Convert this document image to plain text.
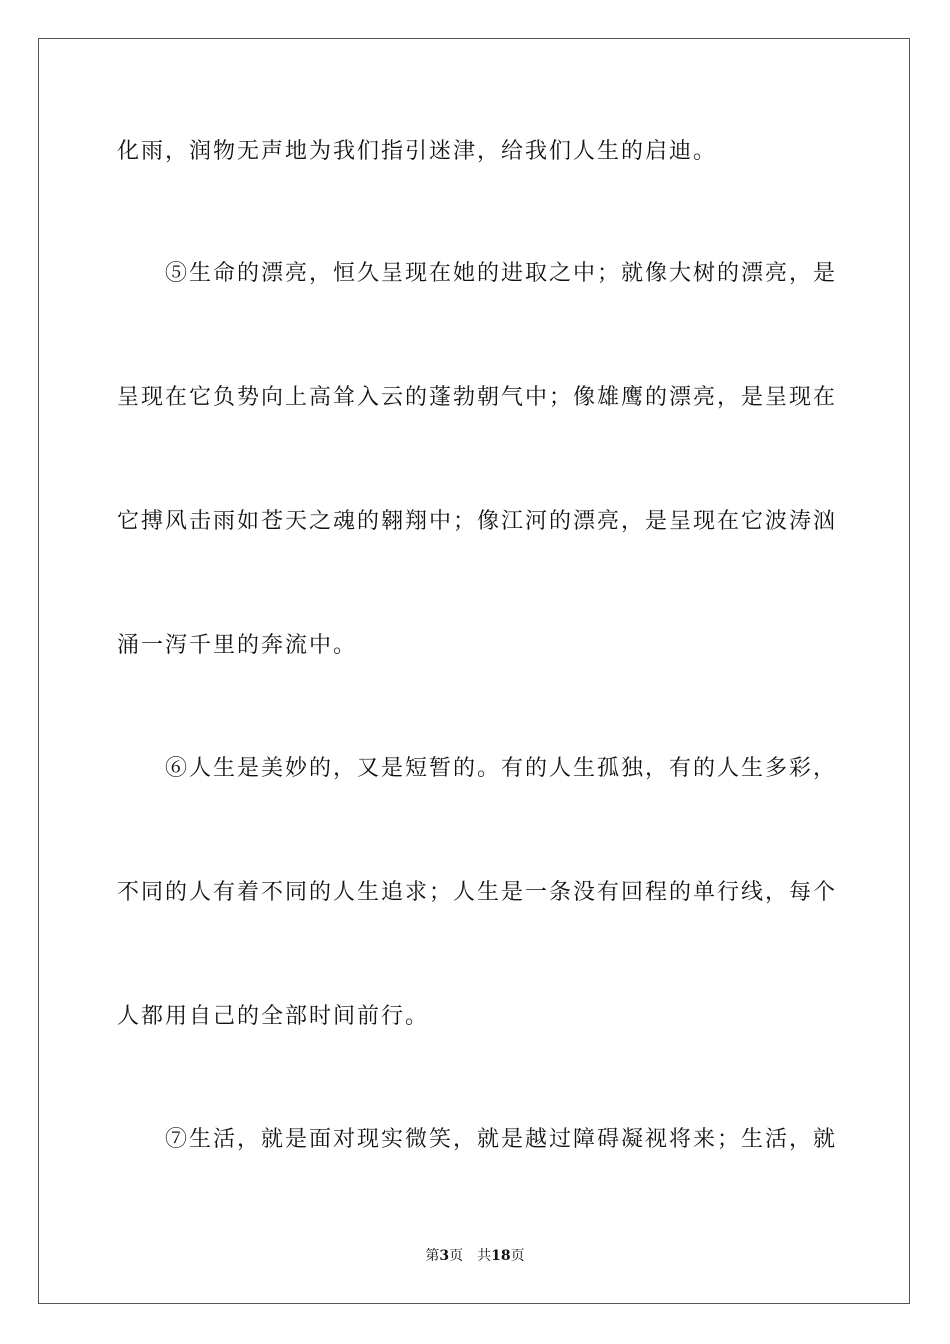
化雨，润物无声地为我们指引迷津，给我们人生的启迪。
　　⑤生命的漂亮，恒久呈现在她的进取之中；就像大树的漂亮，是
呈现在它负势向上高耸入云的蓬勃朝气中；像雄鹰的漂亮，是呈现在
它搏风击雨如苍天之魂的翱翔中；像江河的漂亮，是呈现在它波涛汹
涌一泻千里的奔流中。
　　⑥人生是美妙的，又是短暂的。有的人生孤独，有的人生多彩，
不同的人有着不同的人生追求；人生是一条没有回程的单行线，每个
人都用自己的全部时间前行。
　　⑦生活，就是面对现实微笑，就是越过障碍凝视将来；生活，就
第3页 共18页
